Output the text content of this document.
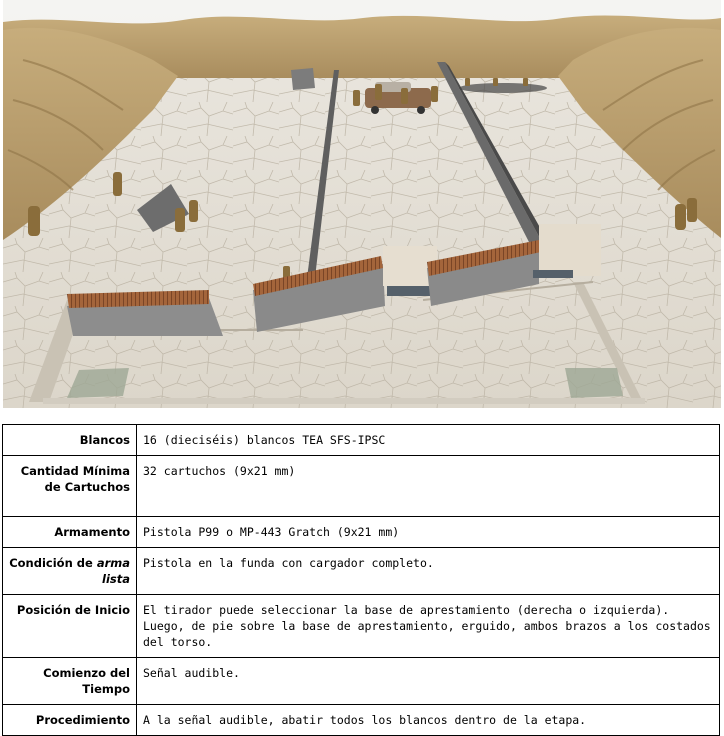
Blancos	16 (dieciséis) blancos TEA SFS-IPSC
Cantidad Mínima de Cartuchos	32 cartuchos (9x21 mm)
Armamento	Pistola P99 o MP-443 Gratch (9x21 mm)
Condición de arma lista	Pistola en la funda con cargador completo.
Posición de Inicio	El tirador puede seleccionar la base de aprestamiento (derecha o izquierda). Luego, de pie sobre la base de aprestamiento, erguido, ambos brazos a los costados del torso.
Comienzo del Tiempo	Señal audible.
Procedimiento	A la señal audible, abatir todos los blancos dentro de la etapa.
